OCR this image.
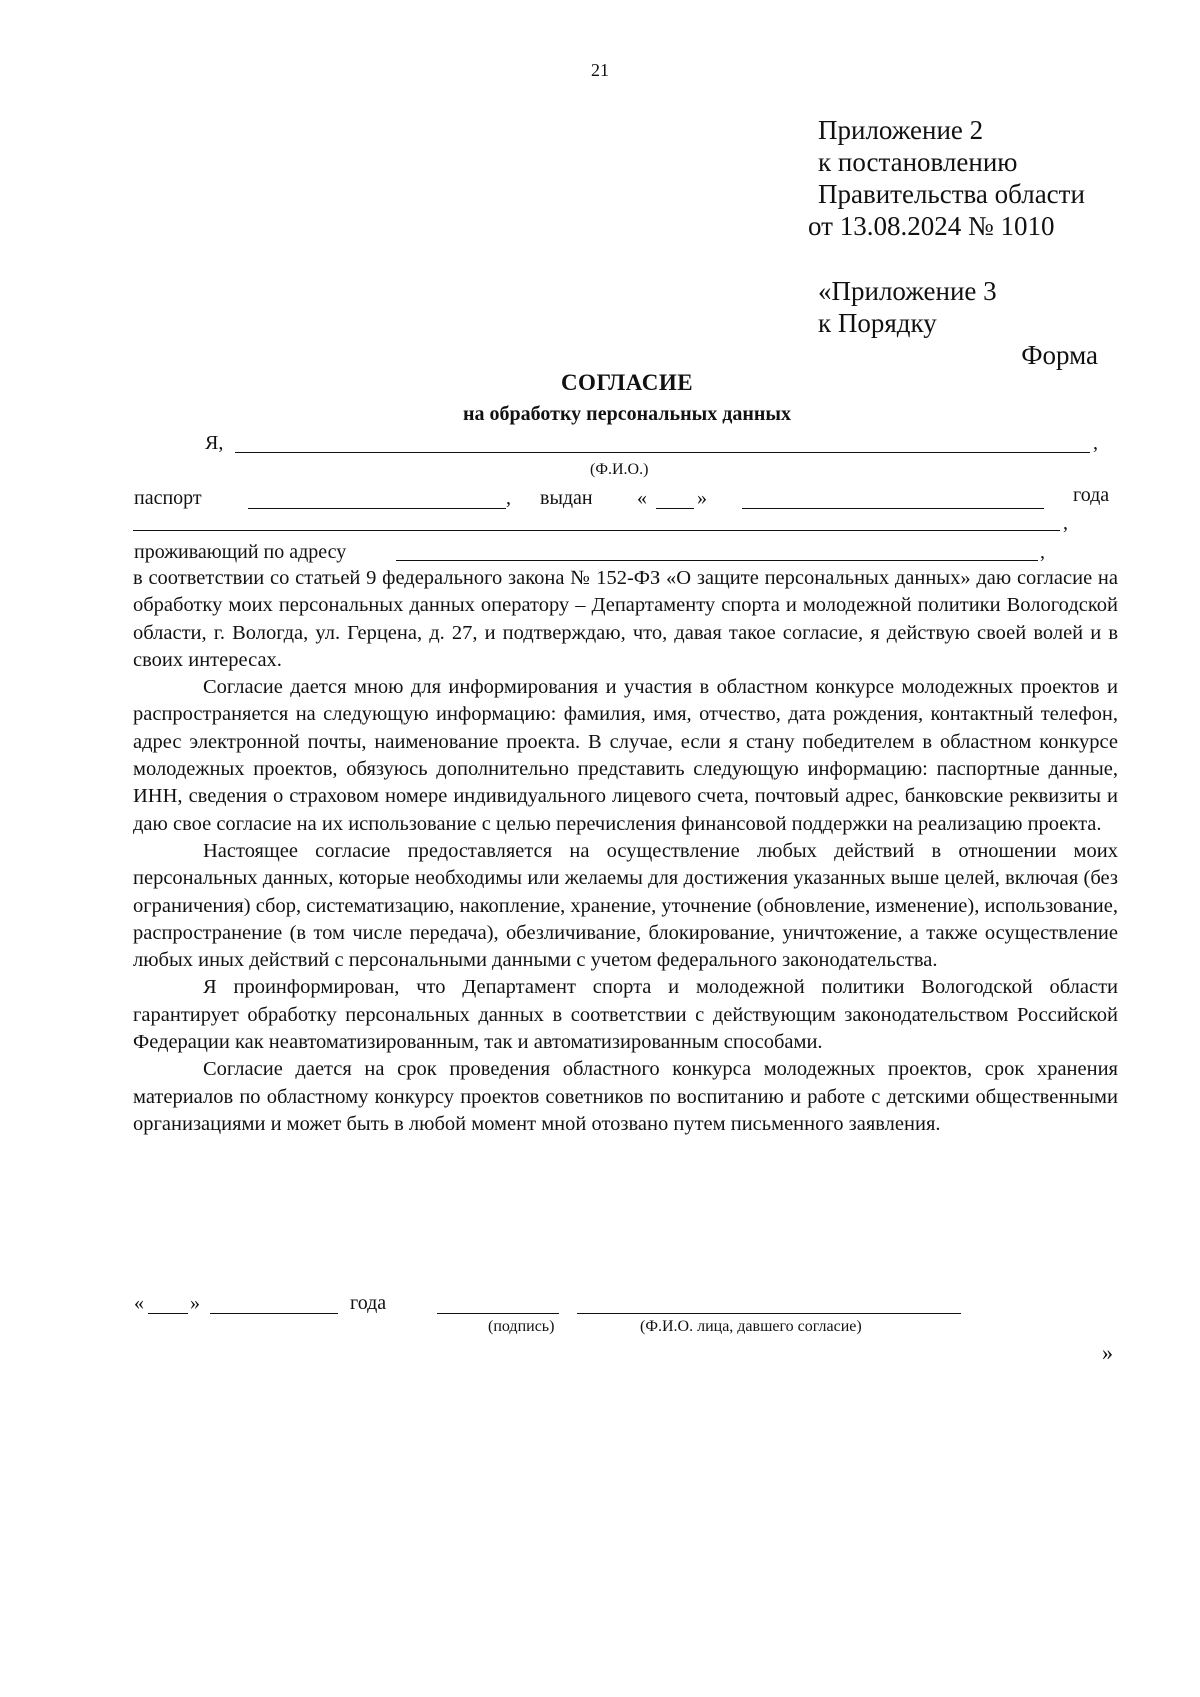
21
Приложение 2
к постановлению
Правительства области
от 13.08.2024 № 1010
«Приложение 3
к Порядку
Форма
СОГЛАСИЕ
на обработку персональных данных
Я,	,
(Ф.И.О.)
паспорт	, выдан «	»	года
,
проживающий по адресу	,

в соответствии со статьей 9 федерального закона № 152-ФЗ «О защите персональных данных» даю согласие на обработку моих персональных данных оператору – Департаменту спорта и молодежной политики Вологодской области, г. Вологда, ул. Герцена, д. 27, и подтверждаю, что, давая такое согласие, я действую своей волей и в своих интересах.

Согласие дается мною для информирования и участия в областном конкурсе молодежных проектов и распространяется на следующую информацию: фамилия, имя, отчество, дата рождения, контактный телефон, адрес электронной почты, наименование проекта. В случае, если я стану победителем в областном конкурсе молодежных проектов, обязуюсь дополнительно представить следующую информацию: паспортные данные, ИНН, сведения о страховом номере индивидуального лицевого счета, почтовый адрес, банковские реквизиты и даю свое согласие на их использование с целью перечисления финансовой поддержки на реализацию проекта.

Настоящее согласие предоставляется на осуществление любых действий в отношении моих персональных данных, которые необходимы или желаемы для достижения указанных выше целей, включая (без ограничения) сбор, систематизацию, накопление, хранение, уточнение (обновление, изменение), использование, распространение (в том числе передача), обезличивание, блокирование, уничтожение, а также осуществление любых иных действий с персональными данными с учетом федерального законодательства.

Я проинформирован, что Департамент спорта и молодежной политики Вологодской области гарантирует обработку персональных данных в соответствии с действующим законодательством Российской Федерации как неавтоматизированным, так и автоматизированным способами.

Согласие дается на срок проведения областного конкурса молодежных проектов, срок хранения материалов по областному конкурсу проектов советников по воспитанию и работе с детскими общественными организациями и может быть в любой момент мной отозвано путем письменного заявления.

« »	года
(подпись)	(Ф.И.О. лица, давшего согласие)
»
